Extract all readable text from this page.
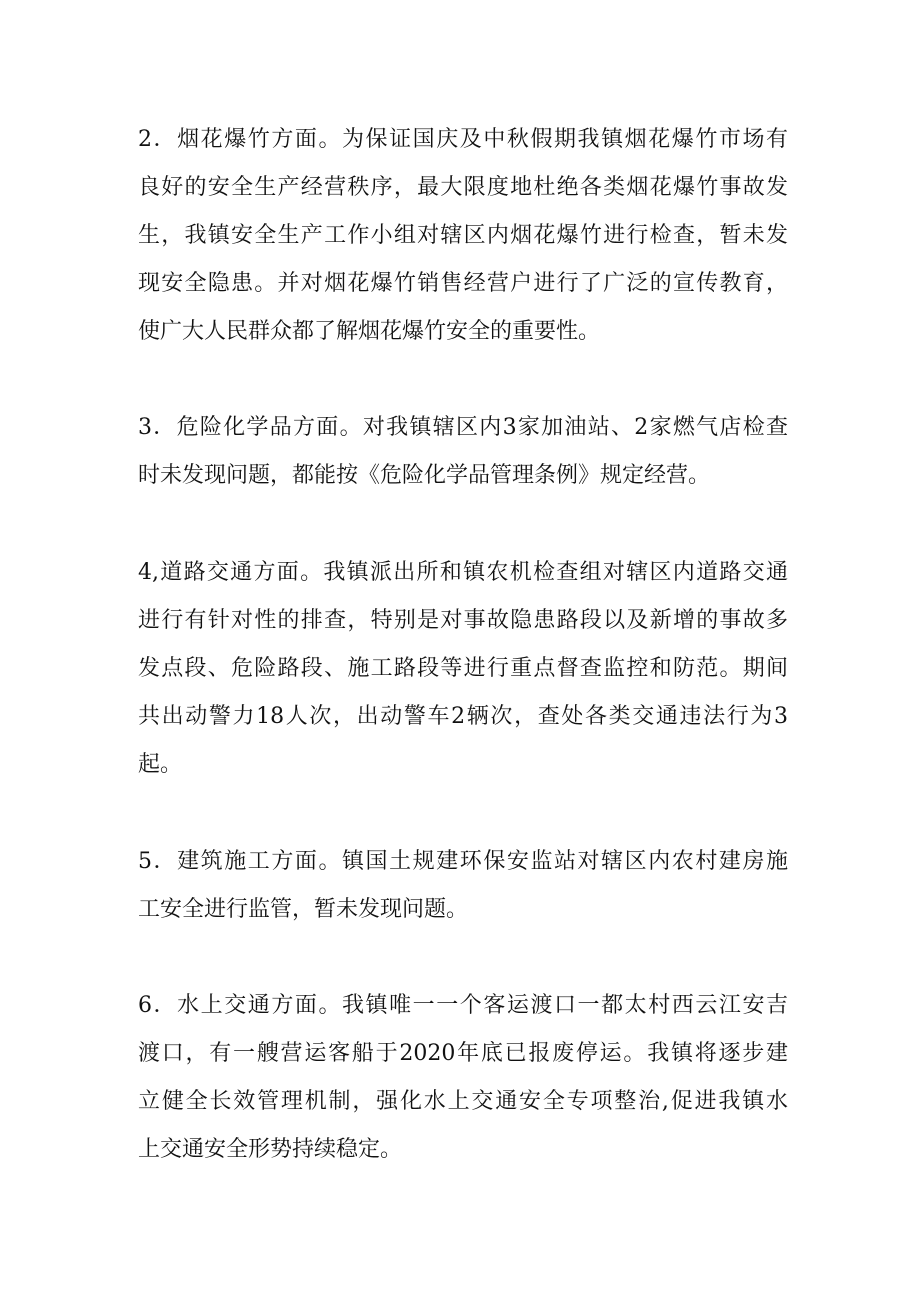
2．烟花爆竹方面。为保证国庆及中秋假期我镇烟花爆竹市场有
良好的安全生产经营秩序，最大限度地杜绝各类烟花爆竹事故发
生，我镇安全生产工作小组对辖区内烟花爆竹进行检查，暂未发
现安全隐患。并对烟花爆竹销售经营户进行了广泛的宣传教育，
使广大人民群众都了解烟花爆竹安全的重要性。
3．危险化学品方面。对我镇辖区内3家加油站、2家燃气店检查
时未发现问题，都能按《危险化学品管理条例》规定经营。
4,道路交通方面。我镇派出所和镇农机检查组对辖区内道路交通
进行有针对性的排查，特别是对事故隐患路段以及新增的事故多
发点段、危险路段、施工路段等进行重点督查监控和防范。期间
共出动警力18人次，出动警车2辆次，查处各类交通违法行为3
起。
5．建筑施工方面。镇国土规建环保安监站对辖区内农村建房施
工安全进行监管，暂未发现问题。
6．水上交通方面。我镇唯一一个客运渡口一都太村西云江安吉
渡口，有一艘营运客船于2020年底已报废停运。我镇将逐步建
立健全长效管理机制，强化水上交通安全专项整治,促进我镇水
上交通安全形势持续稳定。
